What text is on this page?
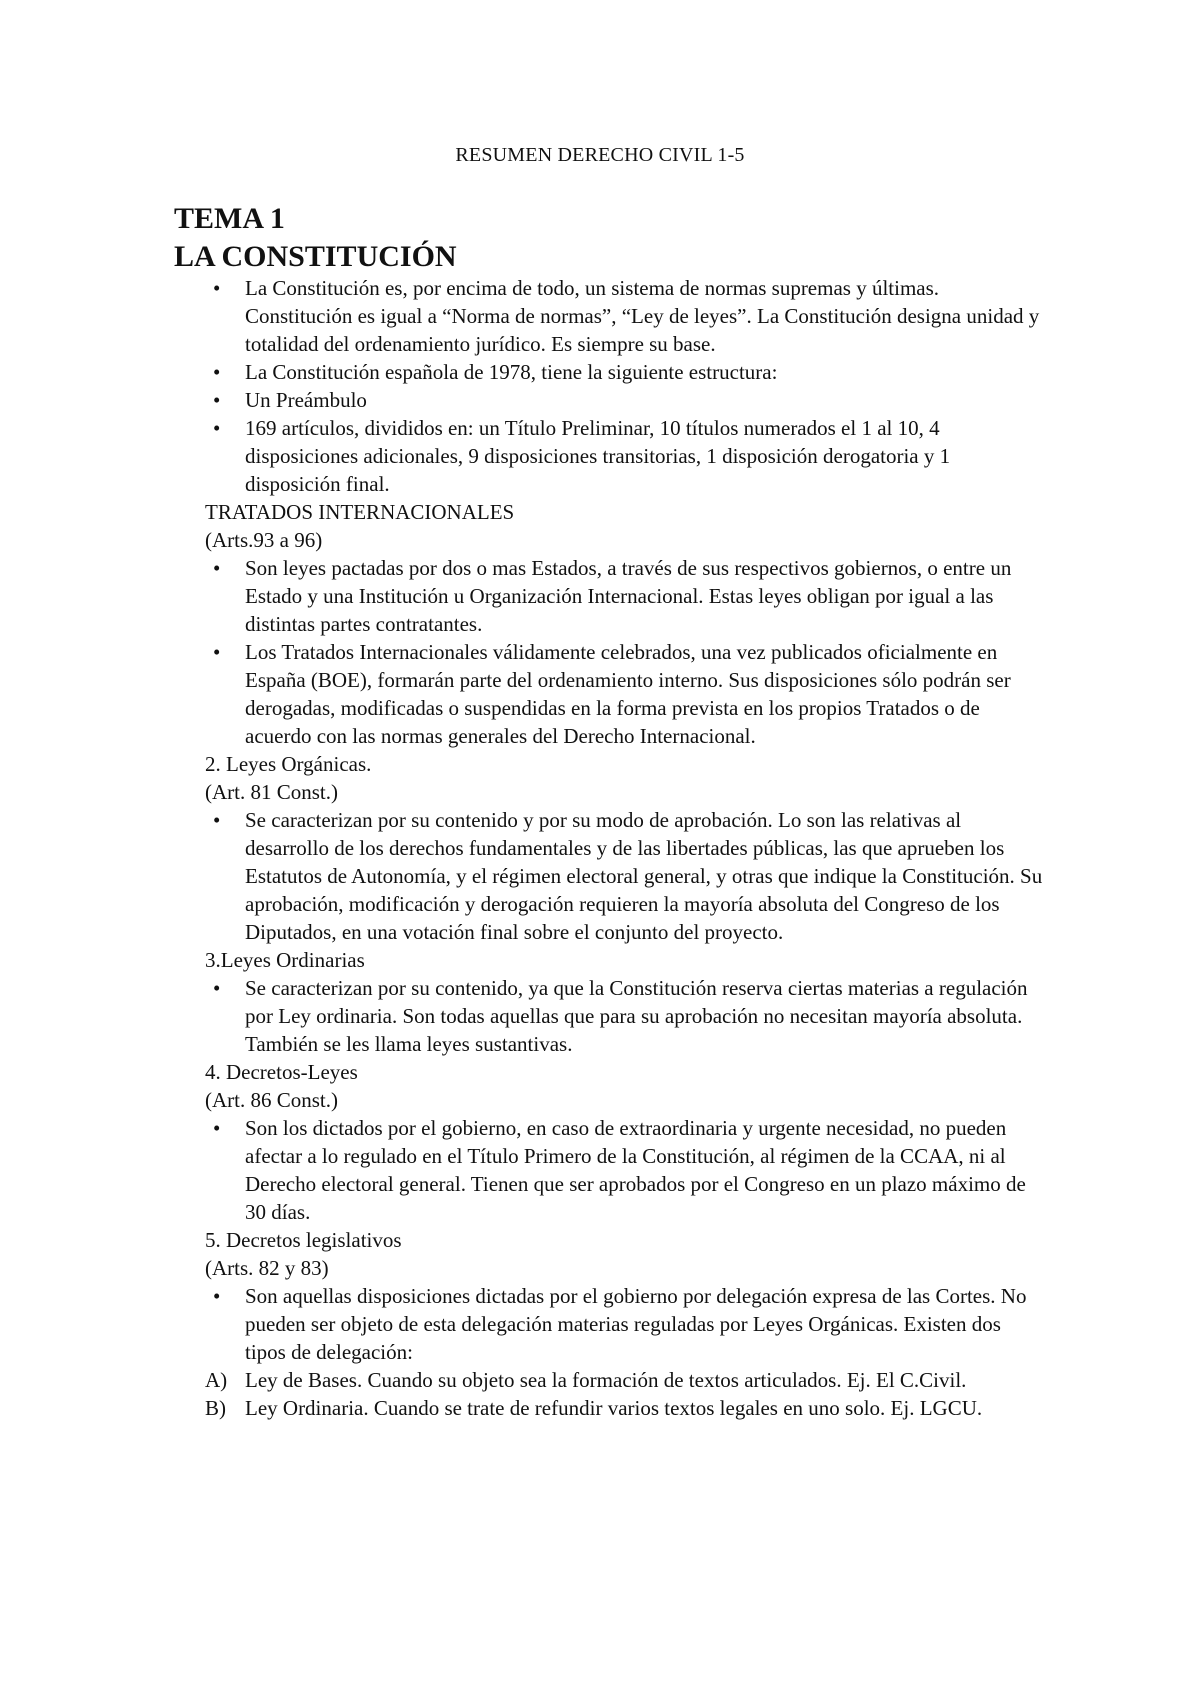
RESUMEN DERECHO CIVIL 1-5
TEMA 1
LA CONSTITUCIÓN
•	La Constitución es, por encima de todo, un sistema de normas supremas y últimas. Constitución es igual a “Norma de normas”, “Ley de leyes”. La Constitución designa unidad y totalidad del ordenamiento jurídico. Es siempre su base.
•	La Constitución española de 1978, tiene la siguiente estructura:
•	Un Preámbulo
•	169 artículos, divididos en: un Título Preliminar, 10 títulos numerados el 1 al 10, 4 disposiciones adicionales, 9 disposiciones transitorias, 1 disposición derogatoria y 1 disposición final.
TRATADOS INTERNACIONALES
(Arts.93 a 96)
•	Son leyes pactadas por dos o mas Estados, a través de sus respectivos gobiernos, o entre un Estado y una Institución u Organización Internacional. Estas leyes obligan por igual a las distintas partes contratantes.
•	Los Tratados Internacionales válidamente celebrados, una vez publicados oficialmente en España (BOE), formarán parte del ordenamiento interno. Sus disposiciones sólo podrán ser derogadas, modificadas o suspendidas en la forma prevista en los propios Tratados o de acuerdo con las normas generales del Derecho Internacional.
2. Leyes Orgánicas.
(Art. 81 Const.)
•	Se caracterizan por su contenido y por su modo de aprobación. Lo son las relativas al desarrollo de los derechos fundamentales y de las libertades públicas, las que aprueben los Estatutos de Autonomía, y el régimen electoral general, y otras que indique la Constitución. Su aprobación, modificación y derogación requieren la mayoría absoluta del Congreso de los Diputados, en una votación final sobre el conjunto del proyecto.
3.Leyes Ordinarias
•	Se caracterizan por su contenido, ya que la Constitución reserva ciertas materias a regulación por Ley ordinaria. Son todas aquellas que para su aprobación no necesitan mayoría absoluta. También se les llama leyes sustantivas.
4. Decretos-Leyes
(Art. 86 Const.)
•	Son los dictados por el gobierno, en caso de extraordinaria y urgente necesidad, no pueden afectar a lo regulado en el Título Primero de la Constitución, al régimen de la CCAA, ni al Derecho electoral general. Tienen que ser aprobados por el Congreso en un plazo máximo de 30 días.
5. Decretos legislativos
(Arts. 82 y 83)
•	Son aquellas disposiciones dictadas por el gobierno por delegación expresa de las Cortes. No pueden ser objeto de esta delegación materias reguladas por Leyes Orgánicas. Existen dos tipos de delegación:
A) Ley de Bases. Cuando su objeto sea la formación de textos articulados. Ej. El C.Civil.
B) Ley Ordinaria. Cuando se trate de refundir varios textos legales en uno solo. Ej. LGCU.
